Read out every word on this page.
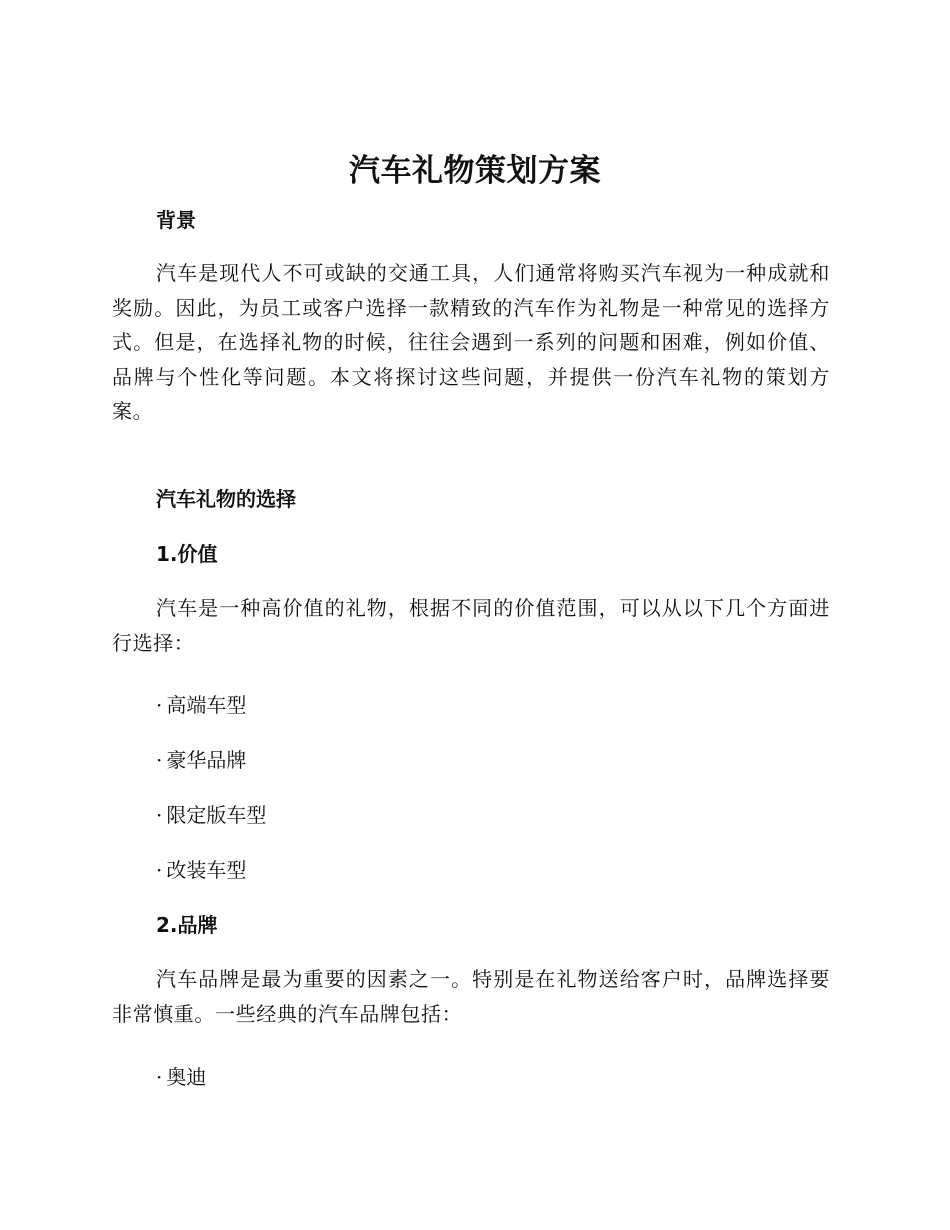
汽车礼物策划方案
背景

汽车是现代人不可或缺的交通工具，人们通常将购买汽车视为一种成就和奖励。因此，为员工或客户选择一款精致的汽车作为礼物是一种常见的选择方式。但是，在选择礼物的时候，往往会遇到一系列的问题和困难，例如价值、品牌与个性化等问题。本文将探讨这些问题，并提供一份汽车礼物的策划方案。

汽车礼物的选择
1.价值

汽车是一种高价值的礼物，根据不同的价值范围，可以从以下几个方面进行选择：

· 高端车型
· 豪华品牌
· 限定版车型
· 改装车型
2.品牌

汽车品牌是最为重要的因素之一。特别是在礼物送给客户时，品牌选择要非常慎重。一些经典的汽车品牌包括：

· 奥迪
